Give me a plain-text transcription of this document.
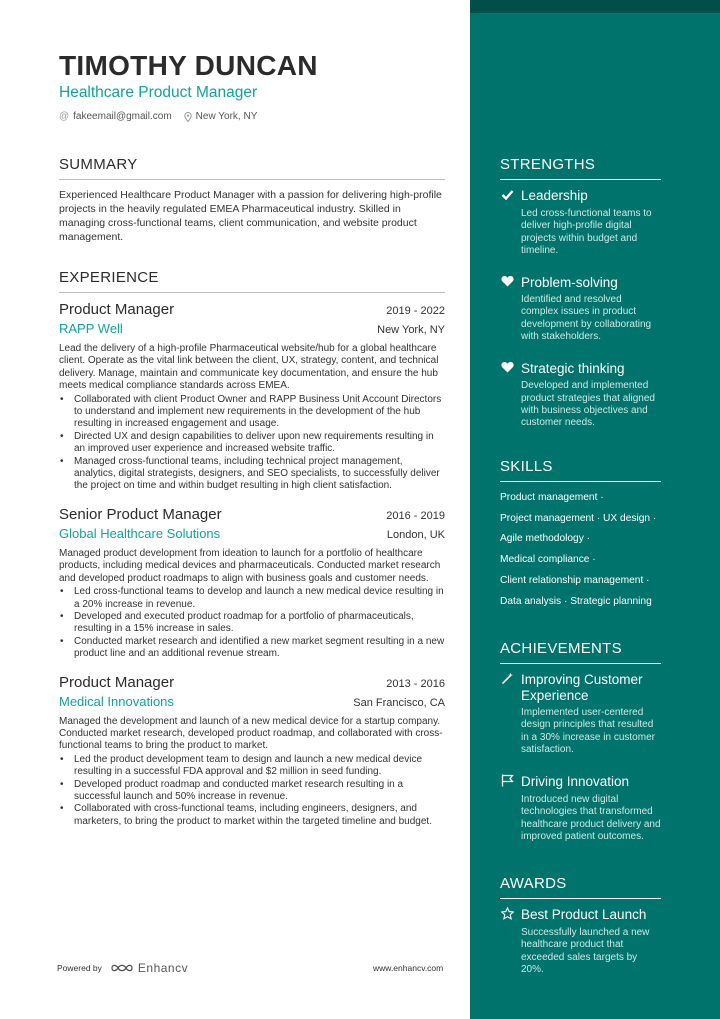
TIMOTHY DUNCAN
Healthcare Product Manager
@ fakeemail@gmail.com New York, NY
SUMMARY

Experienced Healthcare Product Manager with a passion for delivering high-profile projects in the heavily regulated EMEA Pharmaceutical industry. Skilled in managing cross-functional teams, client communication, and website product management.

EXPERIENCE
Product Manager	2019 - 2022
RAPP Well	New York, NY
Lead the delivery of a high-profile Pharmaceutical website/hub for a global healthcare client. Operate as the vital link between the client, UX, strategy, content, and technical delivery. Manage, maintain and communicate key documentation, and ensure the hub meets medical compliance standards across EMEA.
• Collaborated with client Product Owner and RAPP Business Unit Account Directors to understand and implement new requirements in the development of the hub resulting in increased engagement and usage.
• Directed UX and design capabilities to deliver upon new requirements resulting in an improved user experience and increased website traffic.
• Managed cross-functional teams, including technical project management, analytics, digital strategists, designers, and SEO specialists, to successfully deliver the project on time and within budget resulting in high client satisfaction.
Senior Product Manager	2016 - 2019
Global Healthcare Solutions	London, UK
Managed product development from ideation to launch for a portfolio of healthcare products, including medical devices and pharmaceuticals. Conducted market research and developed product roadmaps to align with business goals and customer needs.
• Led cross-functional teams to develop and launch a new medical device resulting in a 20% increase in revenue.
• Developed and executed product roadmap for a portfolio of pharmaceuticals, resulting in a 15% increase in sales.
• Conducted market research and identified a new market segment resulting in a new product line and an additional revenue stream.
Product Manager	2013 - 2016
Medical Innovations	San Francisco, CA
Managed the development and launch of a new medical device for a startup company. Conducted market research, developed product roadmap, and collaborated with cross-functional teams to bring the product to market.
• Led the product development team to design and launch a new medical device resulting in a successful FDA approval and $2 million in seed funding.
• Developed product roadmap and conducted market research resulting in a successful launch and 50% increase in revenue.
• Collaborated with cross-functional teams, including engineers, designers, and marketers, to bring the product to market within the targeted timeline and budget.
Powered by	Enhancv	www.enhancv.com
STRENGTHS
Leadership
Led cross-functional teams to deliver high-profile digital projects within budget and timeline.
Problem-solving
Identified and resolved complex issues in product development by collaborating with stakeholders.
Strategic thinking
Developed and implemented product strategies that aligned with business objectives and customer needs.
SKILLS
Product management ·
Project management · UX design ·
Agile methodology ·
Medical compliance ·
Client relationship management ·
Data analysis · Strategic planning
ACHIEVEMENTS
Improving Customer Experience
Implemented user-centered design principles that resulted in a 30% increase in customer satisfaction.
Driving Innovation
Introduced new digital technologies that transformed healthcare product delivery and improved patient outcomes.
AWARDS
Best Product Launch
Successfully launched a new healthcare product that exceeded sales targets by 20%.
